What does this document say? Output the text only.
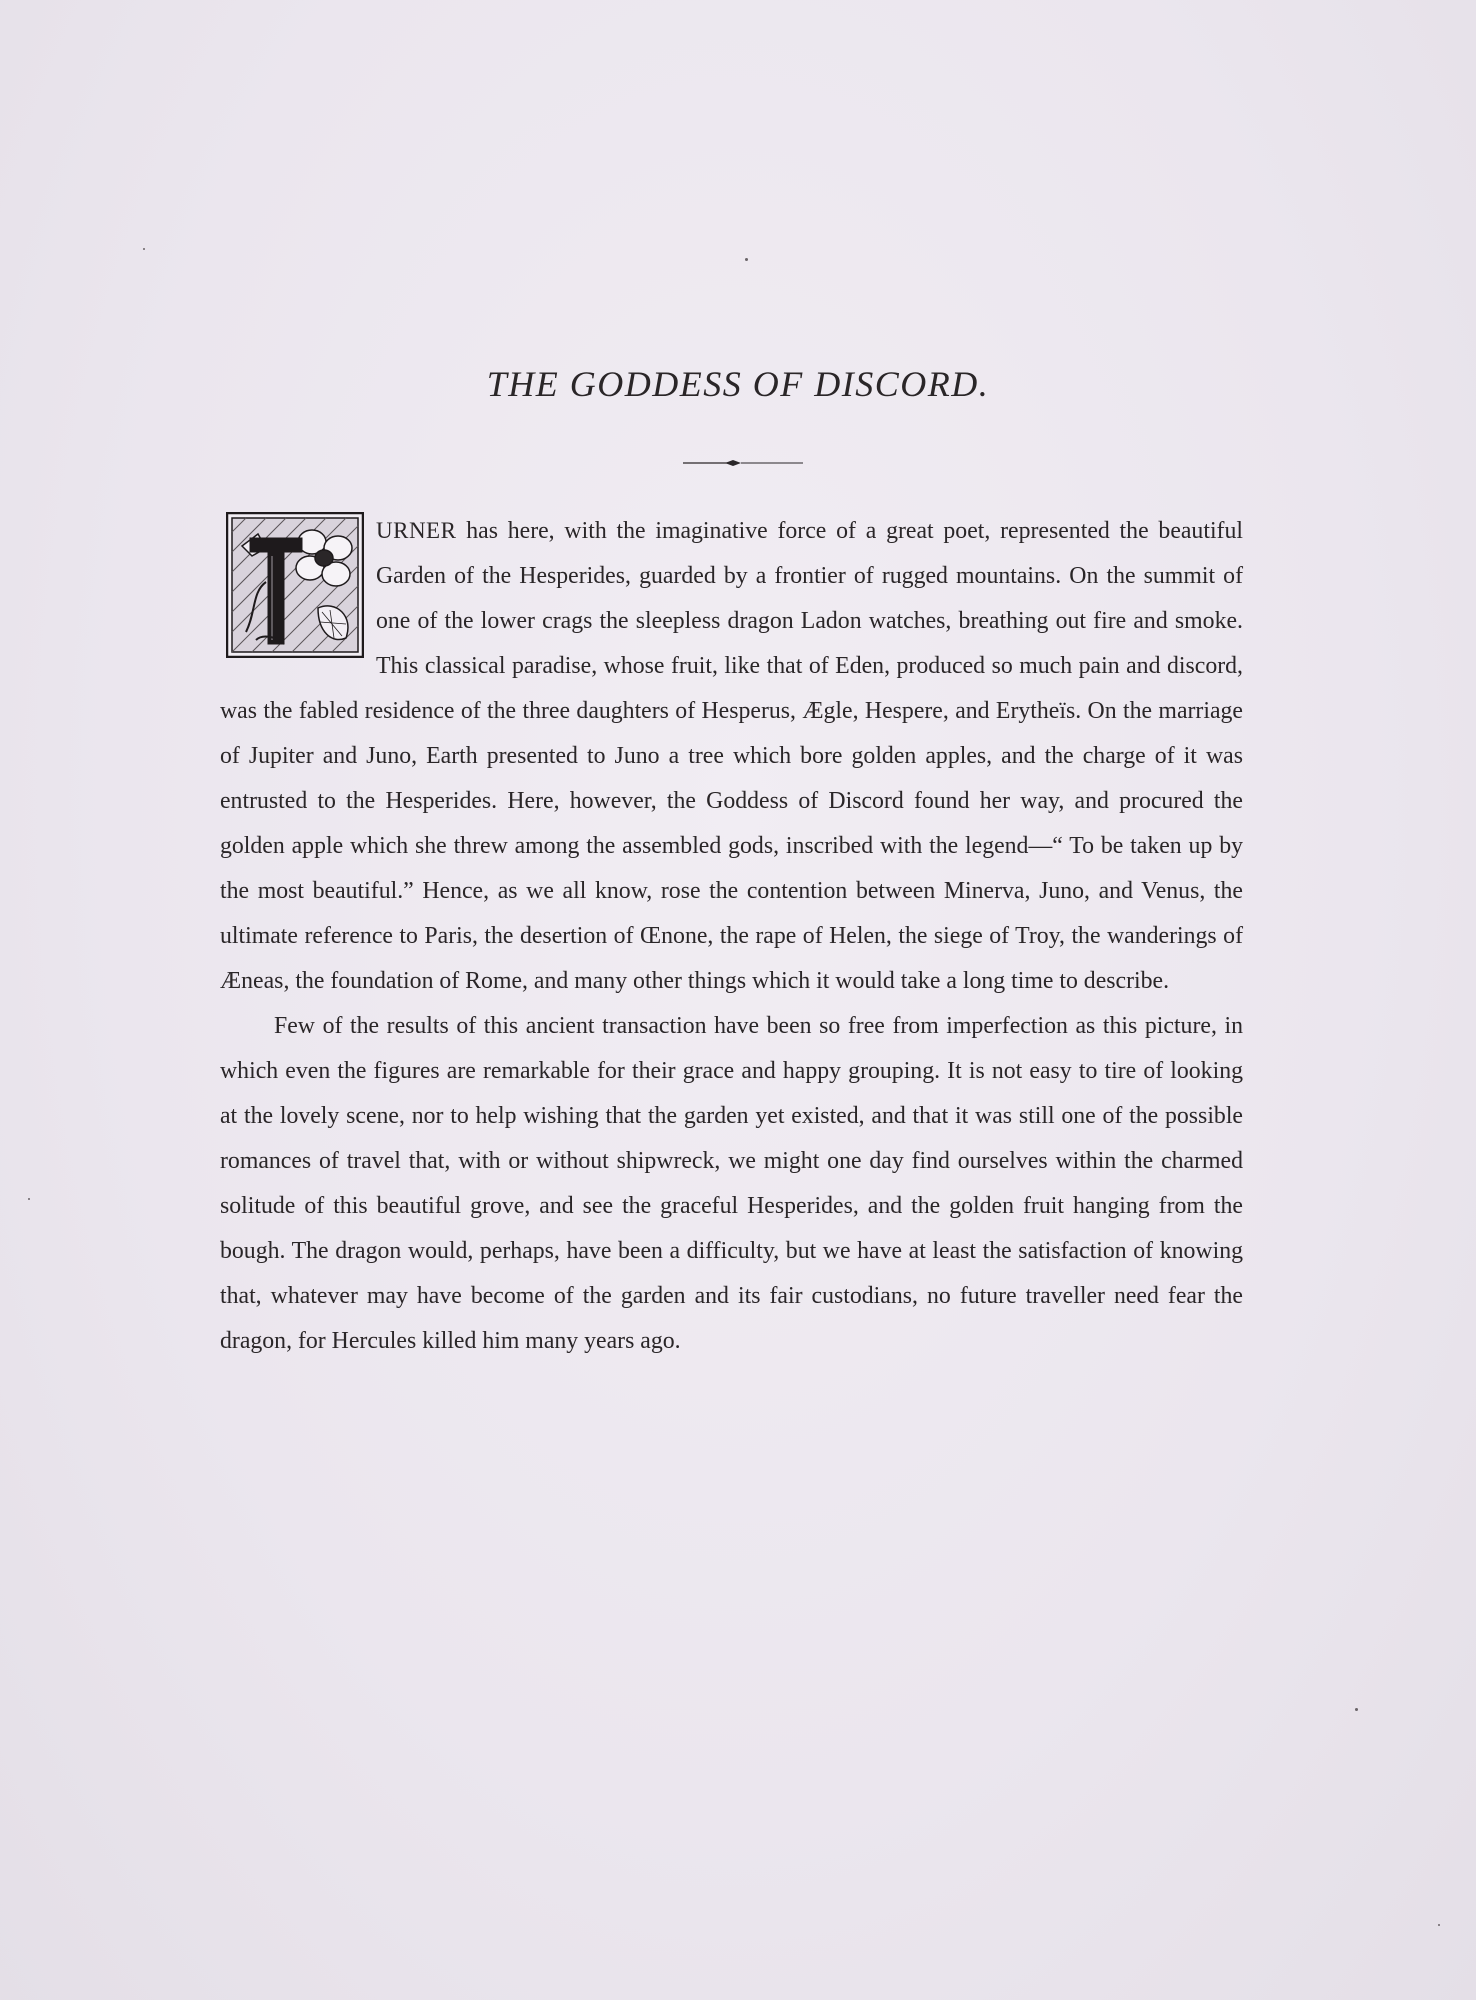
THE GODDESS OF DISCORD.

URNER has here, with the imaginative force of a great poet, represented the beautiful Garden of the Hesperides, guarded by a frontier of rugged mountains. On the summit of one of the lower crags the sleepless dragon Ladon watches, breathing out fire and smoke. This classical paradise, whose fruit, like that of Eden, produced so much pain and discord, was the fabled residence of the three daughters of Hesperus, Ægle, Hespere, and Erytheïs. On the marriage of Jupiter and Juno, Earth presented to Juno a tree which bore golden apples, and the charge of it was entrusted to the Hesperides. Here, however, the Goddess of Discord found her way, and procured the golden apple which she threw among the assembled gods, inscribed with the legend—“ To be taken up by the most beautiful.” Hence, as we all know, rose the contention between Minerva, Juno, and Venus, the ultimate reference to Paris, the desertion of Œnone, the rape of Helen, the siege of Troy, the wanderings of Æneas, the foundation of Rome, and many other things which it would take a long time to describe.

Few of the results of this ancient transaction have been so free from imperfection as this picture, in which even the figures are remarkable for their grace and happy grouping. It is not easy to tire of looking at the lovely scene, nor to help wishing that the garden yet existed, and that it was still one of the possible romances of travel that, with or without shipwreck, we might one day find ourselves within the charmed solitude of this beautiful grove, and see the graceful Hesperides, and the golden fruit hanging from the bough. The dragon would, perhaps, have been a difficulty, but we have at least the satisfaction of knowing that, whatever may have become of the garden and its fair custodians, no future traveller need fear the dragon, for Hercules killed him many years ago.
